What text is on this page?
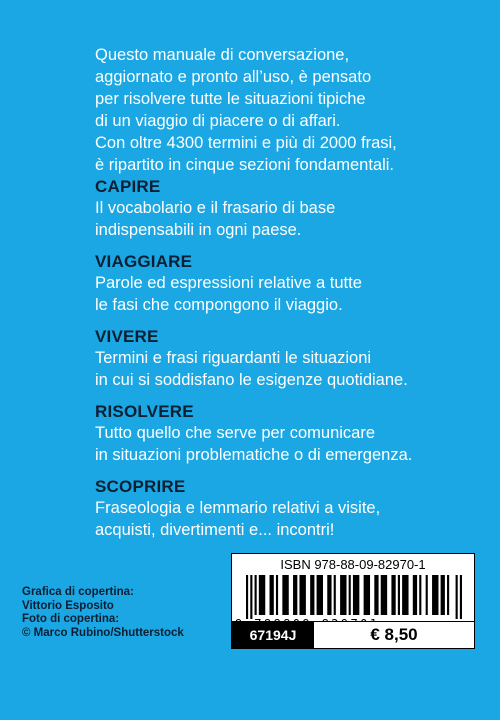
Questo manuale di conversazione,
aggiornato e pronto all’uso, è pensato
per risolvere tutte le situazioni tipiche
di un viaggio di piacere o di affari.
Con oltre 4300 termini e più di 2000 frasi,
è ripartito in cinque sezioni fondamentali.
CAPIRE
Il vocabolario e il frasario di base
indispensabili in ogni paese.
VIAGGIARE
Parole ed espressioni relative a tutte
le fasi che compongono il viaggio.
VIVERE
Termini e frasi riguardanti le situazioni
in cui si soddisfano le esigenze quotidiane.
RISOLVERE
Tutto quello che serve per comunicare
in situazioni problematiche o di emergenza.
SCOPRIRE
Fraseologia e lemmario relativi a visite,
acquisti, divertimenti e... incontri!
Grafica di copertina:
Vittorio Esposito
Foto di copertina:
© Marco Rubino/Shutterstock
ISBN 978-88-09-82970-1
67194J	€ 8,50
